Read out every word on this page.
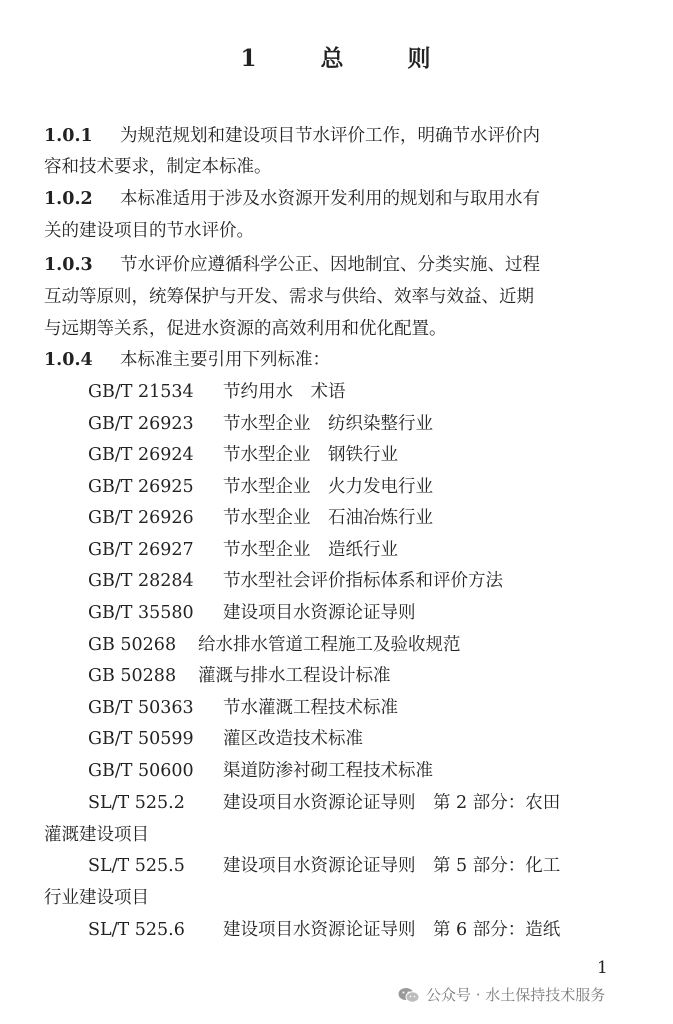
1 总 则
1.0.1 为规范规划和建设项目节水评价工作，明确节水评价内
容和技术要求，制定本标准。
1.0.2 本标准适用于涉及水资源开发利用的规划和与取用水有
关的建设项目的节水评价。
1.0.3 节水评价应遵循科学公正、因地制宜、分类实施、过程
互动等原则，统筹保护与开发、需求与供给、效率与效益、近期
与远期等关系，促进水资源的高效利用和优化配置。
1.0.4 本标准主要引用下列标准：
GB/T 21534 节约用水　术语
GB/T 26923 节水型企业　纺织染整行业
GB/T 26924 节水型企业　钢铁行业
GB/T 26925 节水型企业　火力发电行业
GB/T 26926 节水型企业　石油冶炼行业
GB/T 26927 节水型企业　造纸行业
GB/T 28284 节水型社会评价指标体系和评价方法
GB/T 35580 建设项目水资源论证导则
GB 50268 给水排水管道工程施工及验收规范
GB 50288 灌溉与排水工程设计标准
GB/T 50363 节水灌溉工程技术标准
GB/T 50599 灌区改造技术标准
GB/T 50600 渠道防渗衬砌工程技术标准
SL/T 525.2 建设项目水资源论证导则　第 2 部分：农田
灌溉建设项目
SL/T 525.5 建设项目水资源论证导则　第 5 部分：化工
行业建设项目
SL/T 525.6 建设项目水资源论证导则　第 6 部分：造纸
1
公众号 · 水土保持技术服务
